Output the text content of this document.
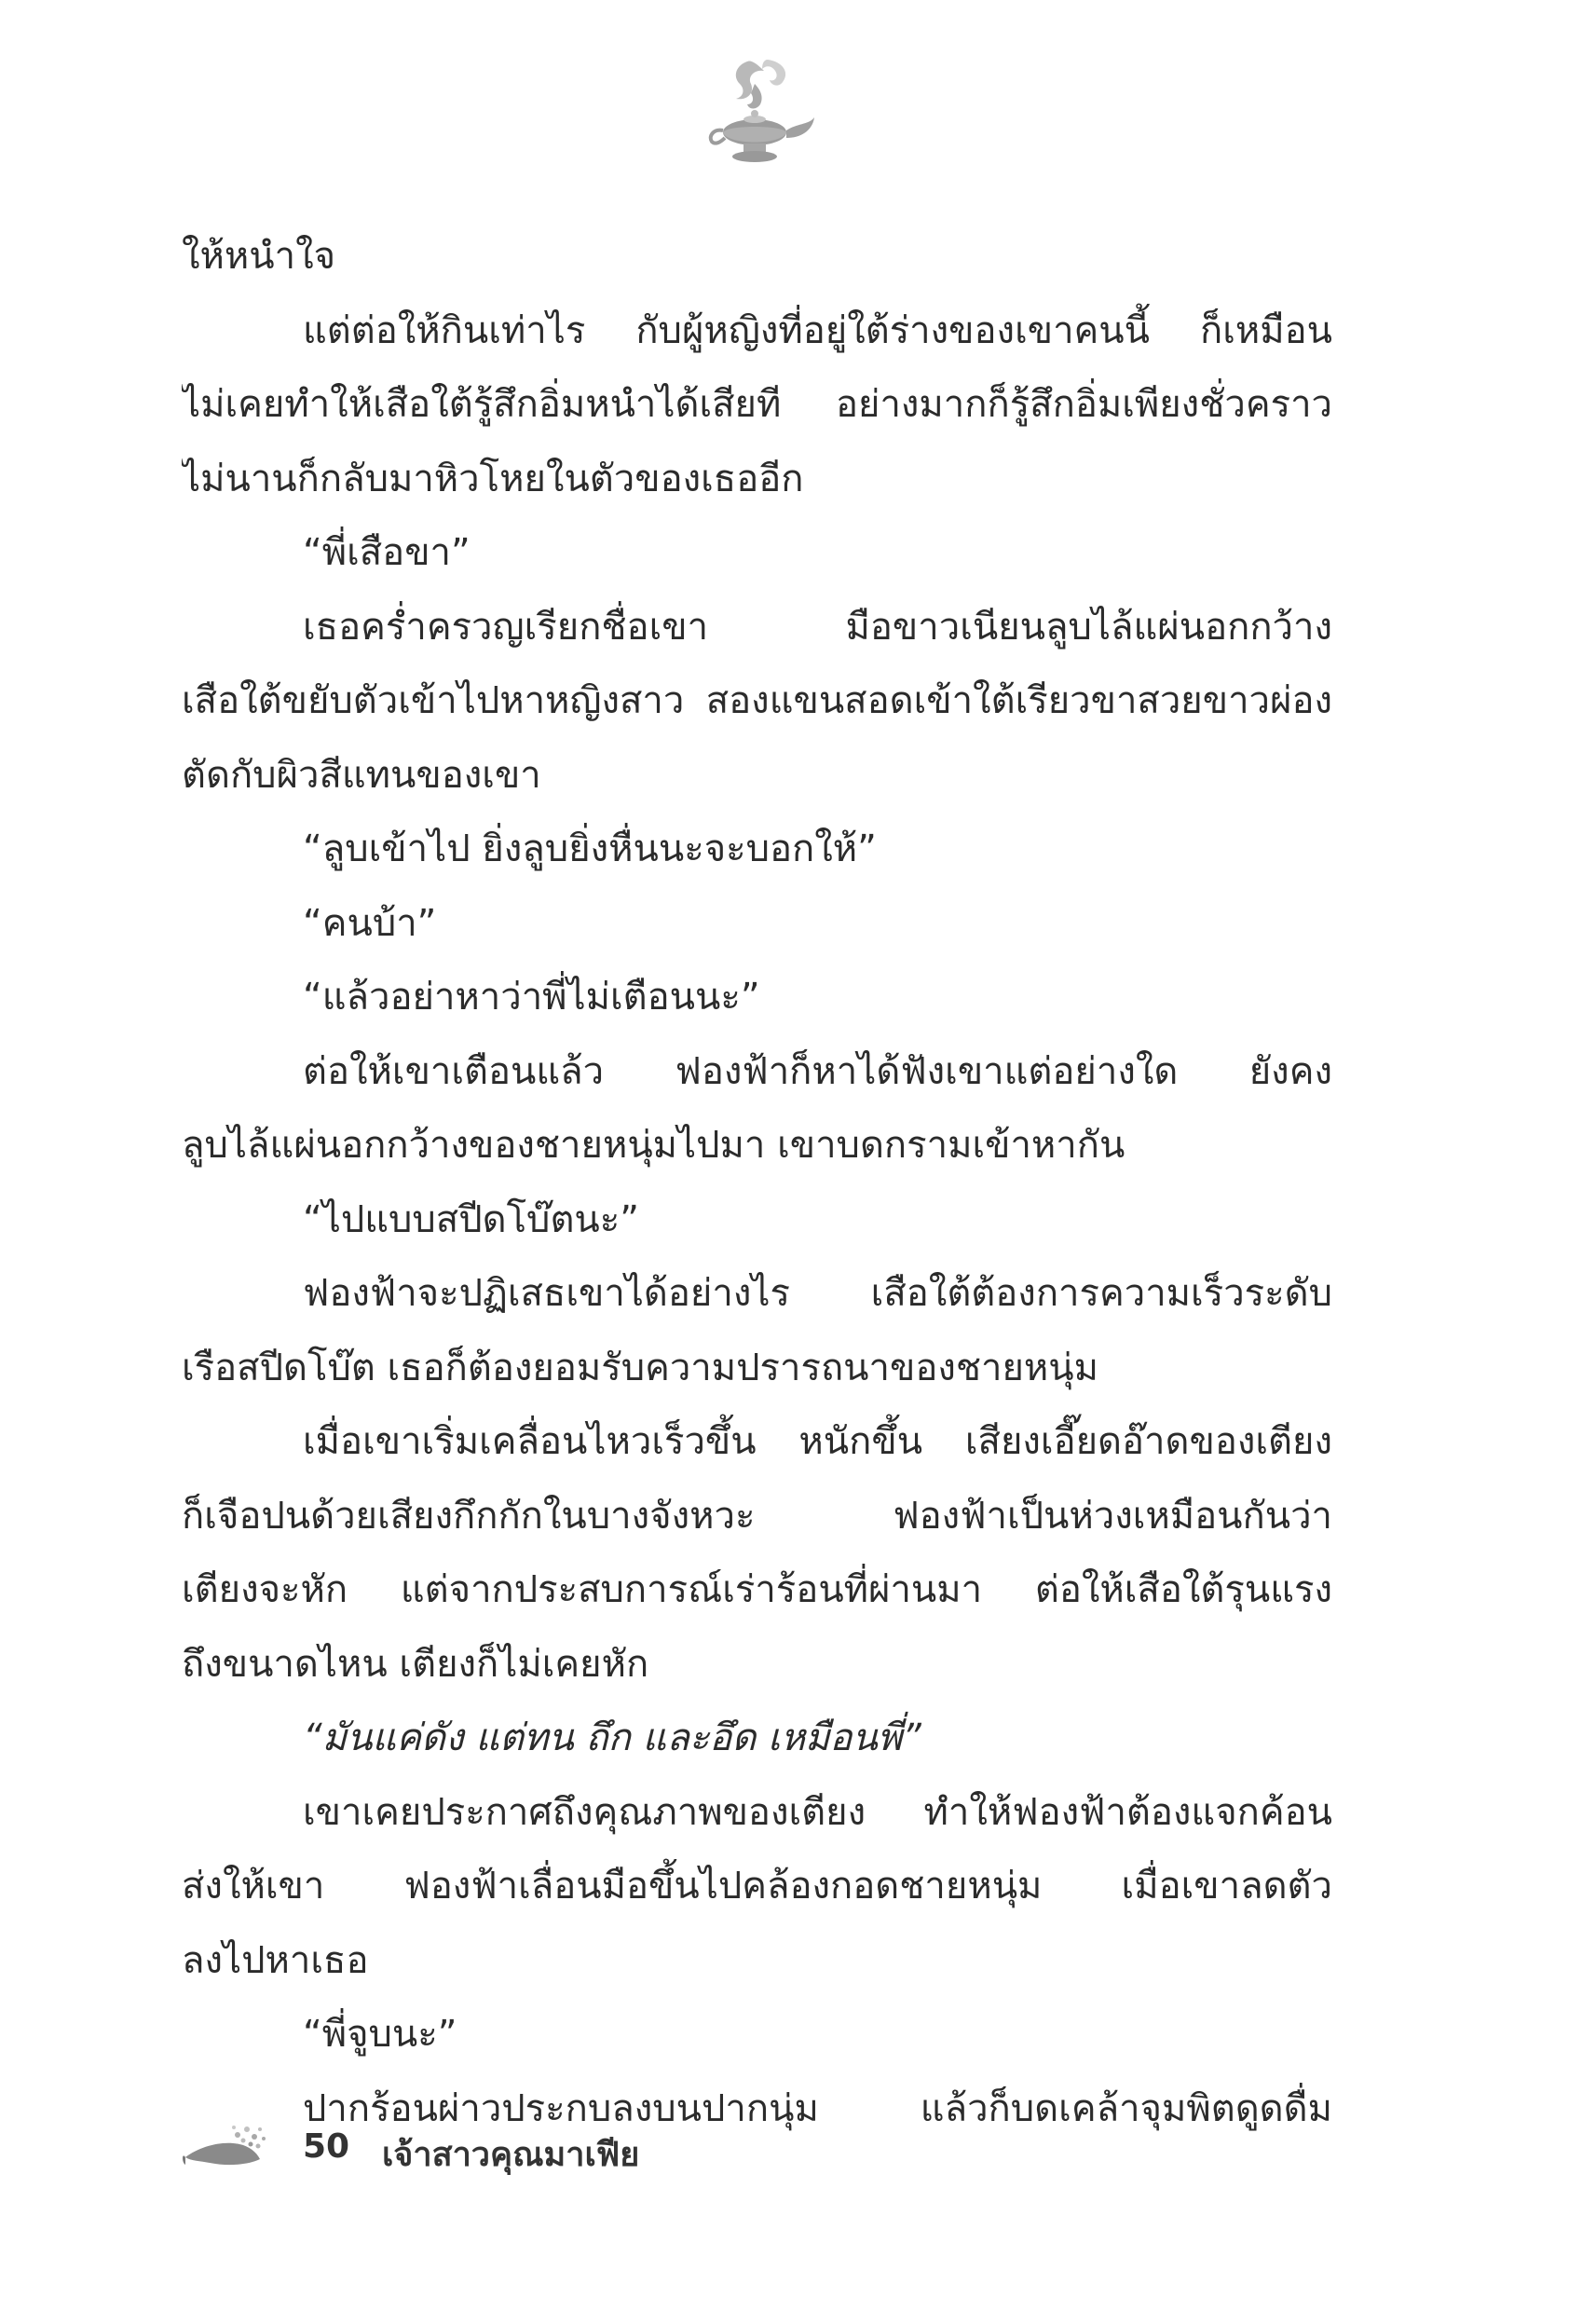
ให้หนำใจ
แต่ต่อให้กินเท่าไร กับผู้หญิงที่อยู่ใต้ร่างของเขาคนนี้ ก็เหมือน
ไม่เคยทำให้เสือใต้รู้สึกอิ่มหนำได้เสียที อย่างมากก็รู้สึกอิ่มเพียงชั่วคราว
ไม่นานก็กลับมาหิวโหยในตัวของเธออีก
“พี่เสือขา”
เธอคร่ำครวญเรียกชื่อเขา มือขาวเนียนลูบไล้แผ่นอกกว้าง
เสือใต้ขยับตัวเข้าไปหาหญิงสาว สองแขนสอดเข้าใต้เรียวขาสวยขาวผ่อง
ตัดกับผิวสีแทนของเขา
“ลูบเข้าไป ยิ่งลูบยิ่งหื่นนะจะบอกให้”
“คนบ้า”
“แล้วอย่าหาว่าพี่ไม่เตือนนะ”
ต่อให้เขาเตือนแล้ว ฟองฟ้าก็หาได้ฟังเขาแต่อย่างใด ยังคง
ลูบไล้แผ่นอกกว้างของชายหนุ่มไปมา เขาบดกรามเข้าหากัน
“ไปแบบสปีดโบ๊ตนะ”
ฟองฟ้าจะปฏิเสธเขาได้อย่างไร เสือใต้ต้องการความเร็วระดับ
เรือสปีดโบ๊ต เธอก็ต้องยอมรับความปรารถนาของชายหนุ่ม
เมื่อเขาเริ่มเคลื่อนไหวเร็วขึ้น หนักขึ้น เสียงเอี๊ยดอ๊าดของเตียง
ก็เจือปนด้วยเสียงกึกกักในบางจังหวะ ฟองฟ้าเป็นห่วงเหมือนกันว่า
เตียงจะหัก แต่จากประสบการณ์เร่าร้อนที่ผ่านมา ต่อให้เสือใต้รุนแรง
ถึงขนาดไหน เตียงก็ไม่เคยหัก
“มันแค่ดัง แต่ทน ถึก และอึด เหมือนพี่”
เขาเคยประกาศถึงคุณภาพของเตียง ทำให้ฟองฟ้าต้องแจกค้อน
ส่งให้เขา ฟองฟ้าเลื่อนมือขึ้นไปคล้องกอดชายหนุ่ม เมื่อเขาลดตัว
ลงไปหาเธอ
“พี่จูบนะ”
ปากร้อนผ่าวประกบลงบนปากนุ่ม แล้วก็บดเคล้าจุมพิตดูดดื่ม
50 เจ้าสาวคุณมาเฟีย
